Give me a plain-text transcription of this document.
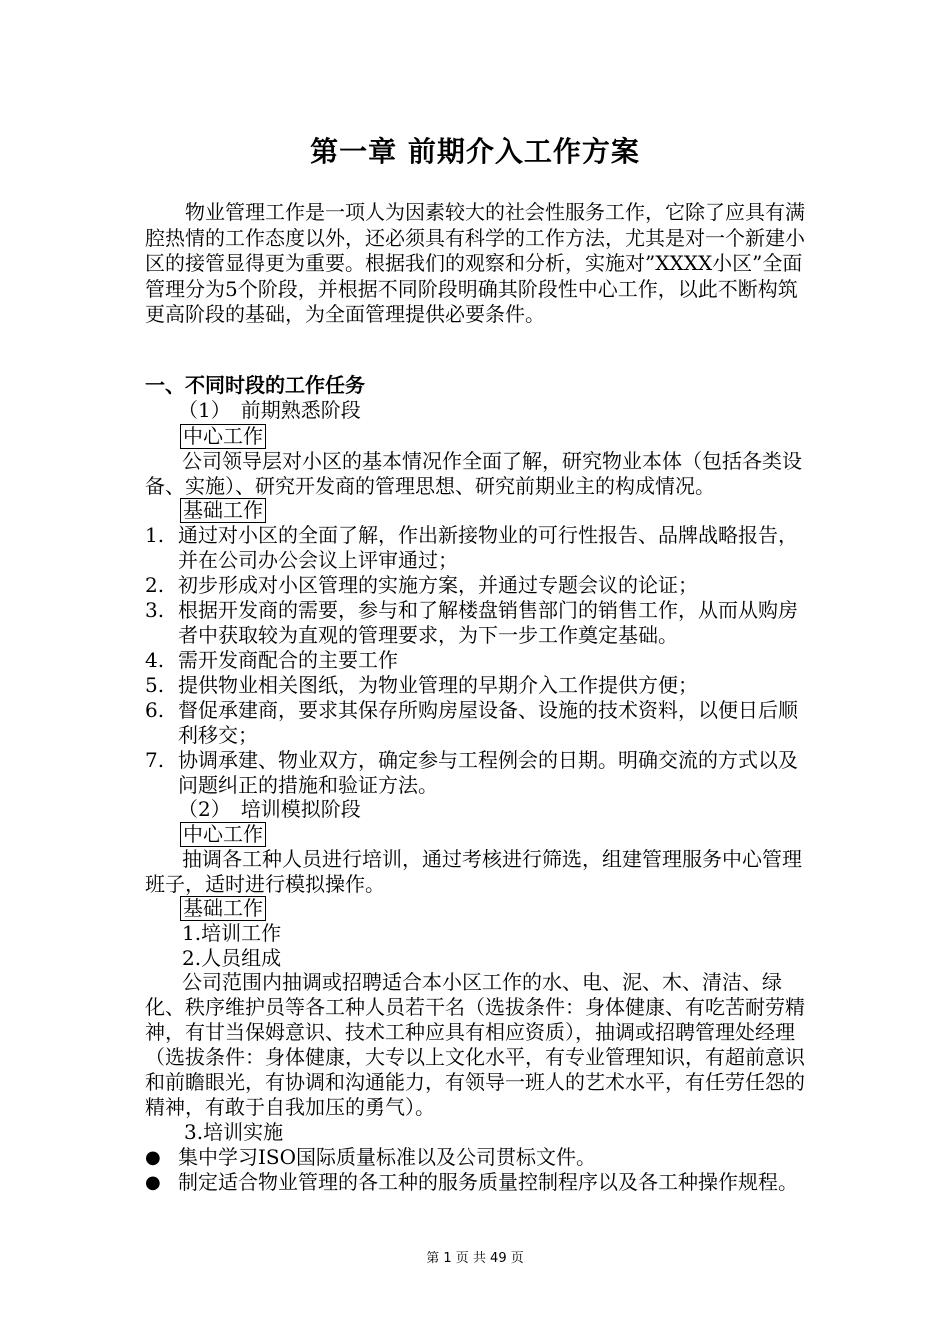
第一章 前期介入工作方案

物业管理工作是一项人为因素较大的社会性服务工作，它除了应具有满腔热情的工作态度以外，还必须具有科学的工作方法，尤其是对一个新建小区的接管显得更为重要。根据我们的观察和分析，实施对”XXXX小区”全面管理分为5个阶段，并根据不同阶段明确其阶段性中心工作，以此不断构筑更高阶段的基础，为全面管理提供必要条件。

一、不同时段的工作任务
（1）　前期熟悉阶段
中心工作

公司领导层对小区的基本情况作全面了解，研究物业本体（包括各类设备、实施）、研究开发商的管理思想、研究前期业主的构成情况。

基础工作
1. 通过对小区的全面了解，作出新接物业的可行性报告、品牌战略报告，并在公司办公会议上评审通过；
2. 初步形成对小区管理的实施方案，并通过专题会议的论证；
3. 根据开发商的需要，参与和了解楼盘销售部门的销售工作，从而从购房者中获取较为直观的管理要求，为下一步工作奠定基础。
4. 需开发商配合的主要工作
5. 提供物业相关图纸，为物业管理的早期介入工作提供方便；
6. 督促承建商，要求其保存所购房屋设备、设施的技术资料，以便日后顺利移交；
7. 协调承建、物业双方，确定参与工程例会的日期。明确交流的方式以及问题纠正的措施和验证方法。
（2）　培训模拟阶段
中心工作

抽调各工种人员进行培训，通过考核进行筛选，组建管理服务中心管理班子，适时进行模拟操作。

基础工作
1.培训工作
2.人员组成

公司范围内抽调或招聘适合本小区工作的水、电、泥、木、清洁、绿化、秩序维护员等各工种人员若干名（选拔条件：身体健康、有吃苦耐劳精神，有甘当保姆意识、技术工种应具有相应资质），抽调或招聘管理处经理（选拔条件：身体健康，大专以上文化水平，有专业管理知识，有超前意识和前瞻眼光，有协调和沟通能力，有领导一班人的艺术水平，有任劳任怨的精神，有敢于自我加压的勇气）。

3.培训实施
● 集中学习ISO国际质量标准以及公司贯标文件。
● 制定适合物业管理的各工种的服务质量控制程序以及各工种操作规程。
第 1 页 共 49 页
